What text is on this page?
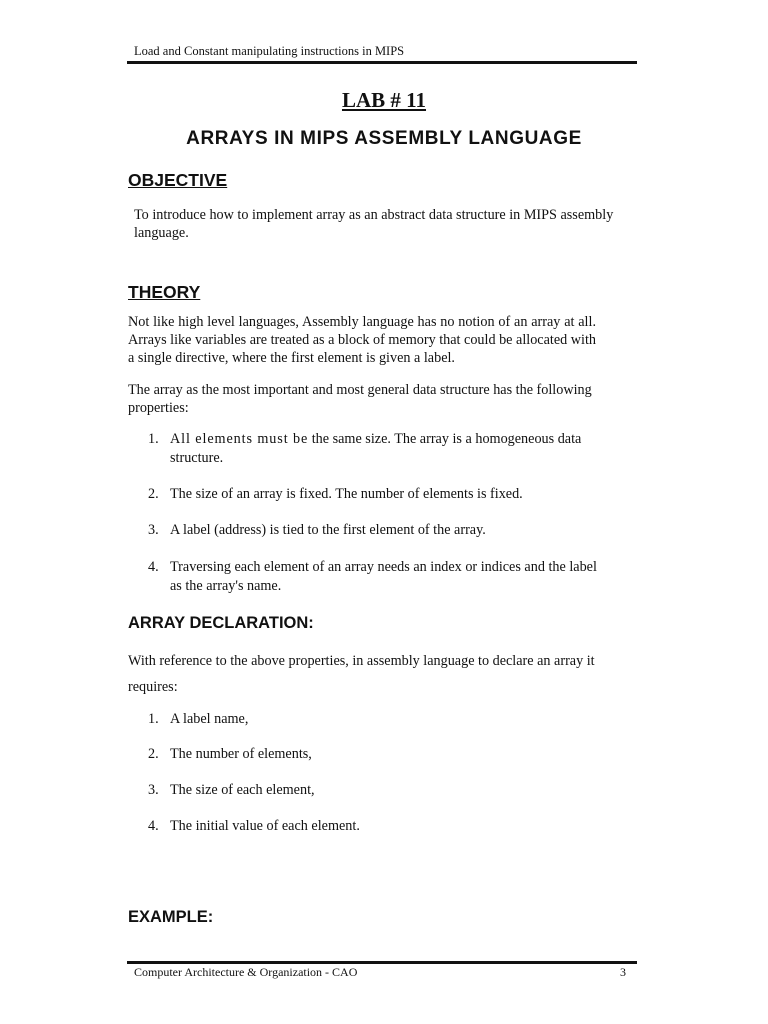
Load and Constant manipulating instructions in MIPS
LAB # 11
ARRAYS IN MIPS ASSEMBLY LANGUAGE
OBJECTIVE
To introduce how to implement array as an abstract data structure in MIPS assembly language.
THEORY
Not like high level languages, Assembly language has no notion of an array at all. Arrays like variables are treated as a block of memory that could be allocated with a single directive, where the first element is given a label.
The array as the most important and most general data structure has the following properties:
1. All elements must be the same size. The array is a homogeneous data structure.
2. The size of an array is fixed. The number of elements is fixed.
3. A label (address) is tied to the first element of the array.
4. Traversing each element of an array needs an index or indices and the label as the array's name.
ARRAY DECLARATION:
With reference to the above properties, in assembly language to declare an array it
requires:
1. A label name,
2. The number of elements,
3. The size of each element,
4. The initial value of each element.
EXAMPLE:
Computer Architecture & Organization - CAO	3
